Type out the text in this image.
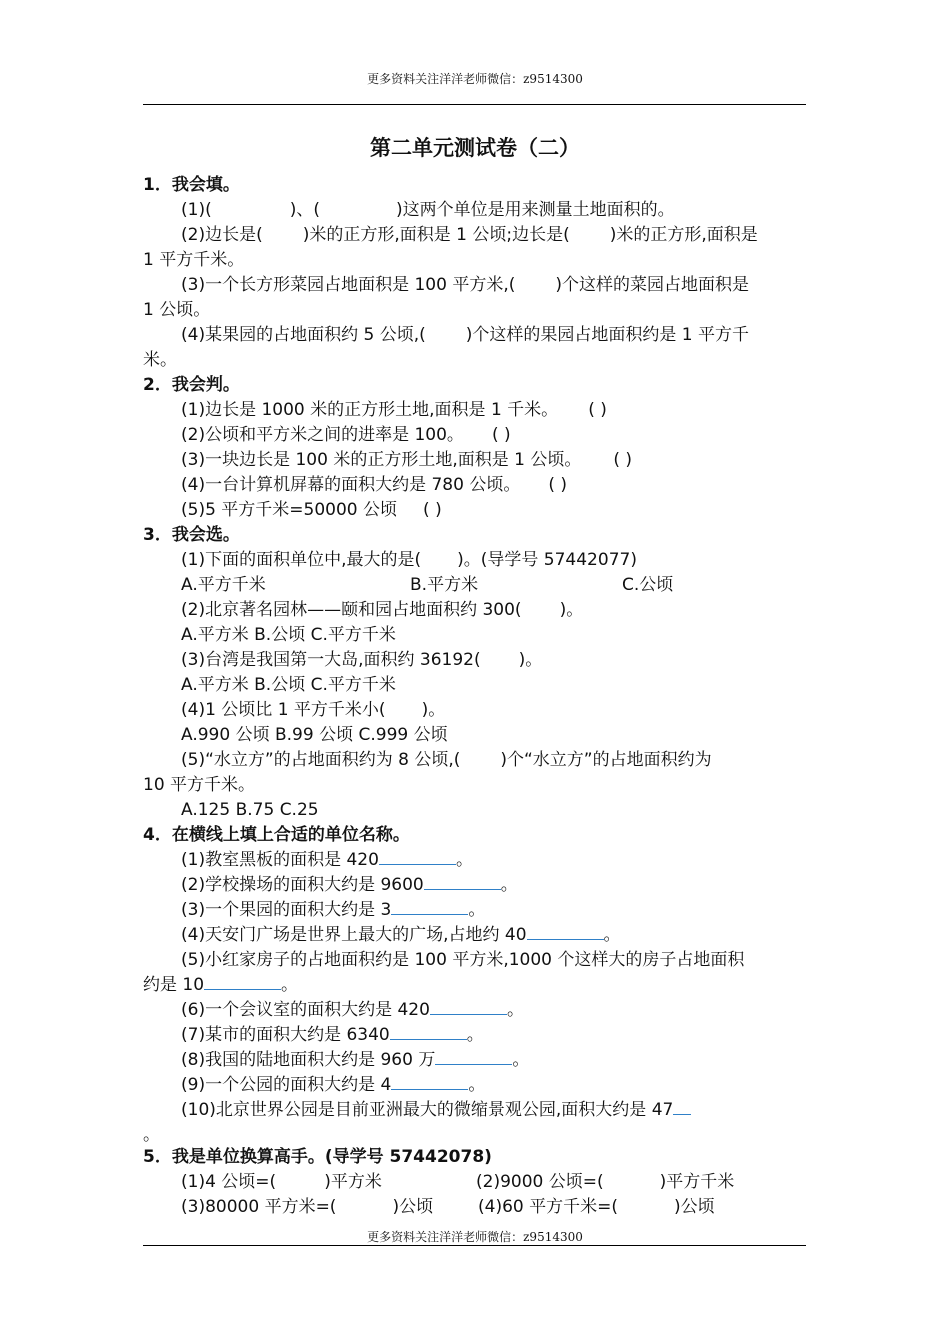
更多资料关注洋洋老师微信：z9514300
第二单元测试卷（二）
1．我会填。
(1)(	)、(	)这两个单位是用来测量土地面积的。
(2)边长是( )米的正方形,面积是 1 公顷;边长是( )米的正方形,面积是
1 平方千米。
(3)一个长方形菜园占地面积是 100 平方米,( )个这样的菜园占地面积是
1 公顷。
(4)某果园的占地面积约 5 公顷,( )个这样的果园占地面积约是 1 平方千
米。
2．我会判。
(1)边长是 1000 米的正方形土地,面积是 1 千米。 ( )
(2)公顷和平方米之间的进率是 100。 ( )
(3)一块边长是 100 米的正方形土地,面积是 1 公顷。 ( )
(4)一台计算机屏幕的面积大约是 780 公顷。 ( )
(5)5 平方千米=50000 公顷 ( )
3．我会选。
(1)下面的面积单位中,最大的是( )。(导学号 57442077)
A.平方千米	B.平方米	C.公顷
(2)北京著名园林——颐和园占地面积约 300( )。
A.平方米 B.公顷 C.平方千米
(3)台湾是我国第一大岛,面积约 36192( )。
A.平方米 B.公顷 C.平方千米
(4)1 公顷比 1 平方千米小( )。
A.990 公顷 B.99 公顷 C.999 公顷
(5)“水立方”的占地面积约为 8 公顷,( )个“水立方”的占地面积约为
10 平方千米。
A.125 B.75 C.25
4．在横线上填上合适的单位名称。
(1)教室黑板的面积是 420	。
(2)学校操场的面积大约是 9600	。
(3)一个果园的面积大约是 3	。
(4)天安门广场是世界上最大的广场,占地约 40	。
(5)小红家房子的占地面积约是 100 平方米,1000 个这样大的房子占地面积
约是 10	。
(6)一个会议室的面积大约是 420	。
(7)某市的面积大约是 6340	。
(8)我国的陆地面积大约是 960 万	。
(9)一个公园的面积大约是 4	。
(10)北京世界公园是目前亚洲最大的微缩景观公园,面积大约是 47
。
5．我是单位换算高手。(导学号 57442078)
(1)4 公顷=(	)平方米	(2)9000 公顷=(	)平方千米
(3)80000 平方米=(	)公顷	(4)60 平方千米=(	)公顷
更多资料关注洋洋老师微信：z9514300
